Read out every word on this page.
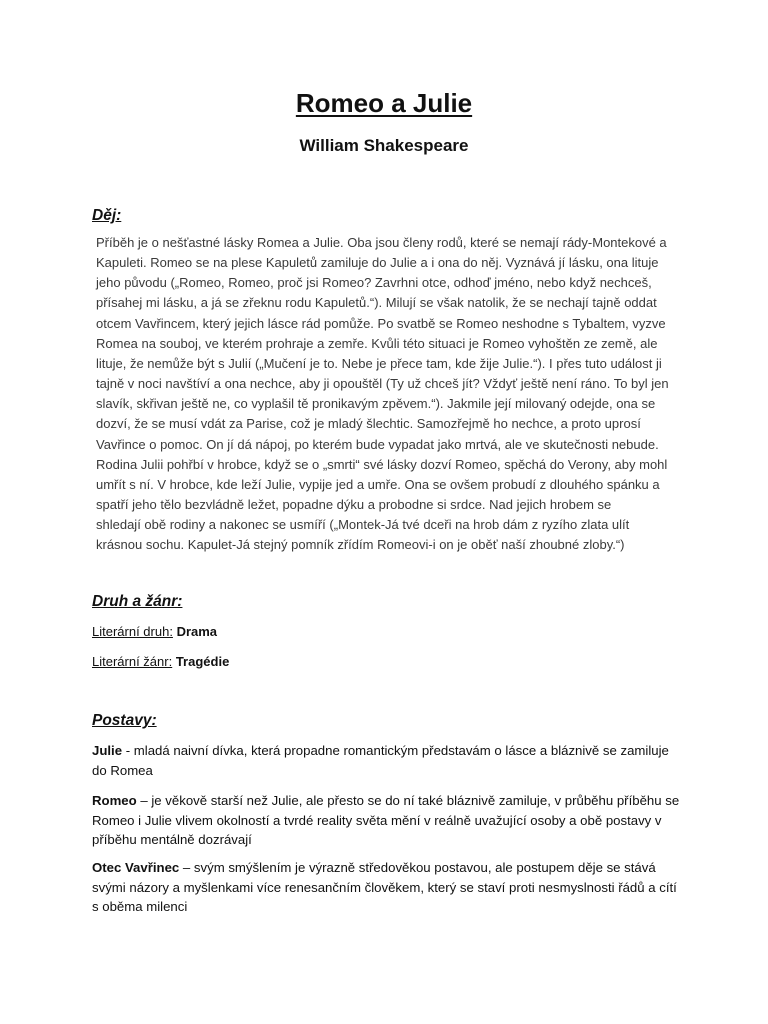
Romeo a Julie
William Shakespeare
Děj:

Příběh je o nešťastné lásky Romea a Julie. Oba jsou členy rodů, které se nemají rády-Montekové a
Kapuleti. Romeo se na plese Kapuletů zamiluje do Julie a i ona do něj. Vyznává jí lásku, ona lituje
jeho původu („Romeo, Romeo, proč jsi Romeo? Zavrhni otce, odhoď jméno, nebo když nechceš,
přísahej mi lásku, a já se zřeknu rodu Kapuletů.“). Milují se však natolik, že se nechají tajně oddat
otcem Vavřincem, který jejich lásce rád pomůže. Po svatbě se Romeo neshodne s Tybaltem, vyzve
Romea na souboj, ve kterém prohraje a zemře. Kvůli této situaci je Romeo vyhoštěn ze země, ale
lituje, že nemůže být s Julií („Mučení je to. Nebe je přece tam, kde žije Julie.“). I přes tuto událost ji
tajně v noci navštíví a ona nechce, aby ji opouštěl (Ty už chceš jít? Vždyť ještě není ráno. To byl jen
slavík, skřivan ještě ne, co vyplašil tě pronikavým zpěvem.“). Jakmile její milovaný odejde, ona se
dozví, že se musí vdát za Parise, což je mladý šlechtic. Samozřejmě ho nechce, a proto uprosí
Vavřince o pomoc. On jí dá nápoj, po kterém bude vypadat jako mrtvá, ale ve skutečnosti nebude.
Rodina Julii pohřbí v hrobce, když se o „smrti“ své lásky dozví Romeo, spěchá do Verony, aby mohl
umřít s ní. V hrobce, kde leží Julie, vypije jed a umře. Ona se ovšem probudí z dlouhého spánku a
spatří jeho tělo bezvládně ležet, popadne dýku a probodne si srdce. Nad jejich hrobem se
shledají obě rodiny a nakonec se usmíří („Montek-Já tvé dceři na hrob dám z ryzího zlata ulít
krásnou sochu. Kapulet-Já stejný pomník zřídím Romeovi-i on je oběť naší zhoubné zloby.“)

Druh a žánr:
Literární druh: Drama
Literární žánr: Tragédie
Postavy:

Julie - mladá naivní dívka, která propadne romantickým představám o lásce a bláznivě se zamiluje do Romea

Romeo – je věkově starší než Julie, ale přesto se do ní také bláznivě zamiluje, v průběhu příběhu se Romeo i Julie vlivem okolností a tvrdé reality světa mění v reálně uvažující osoby a obě postavy v příběhu mentálně dozrávají

Otec Vavřinec – svým smýšlením je výrazně středověkou postavou, ale postupem děje se stává svými názory a myšlenkami více renesančním člověkem, který se staví proti nesmyslnosti řádů a cítí s oběma milenci
